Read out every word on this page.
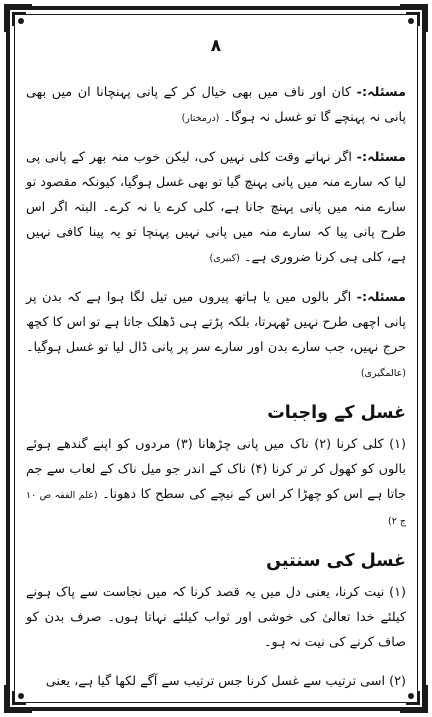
٨

مسئلہ:- کان اور ناف میں بھی خیال کر کے پانی پہنچانا ان میں بھی پانی نہ پہنچے گا تو غسل نہ ہوگا۔ (درمختار)

مسئلہ:- اگر نہاتے وقت کلی نہیں کی، لیکن خوب منہ بھر کے پانی پی لیا کہ سارے منہ میں پانی پہنچ گیا تو بھی غسل ہوگیا، کیونکہ مقصود تو سارے منہ میں پانی پہنچ جانا ہے، کلی کرے یا نہ کرے۔ البتہ اگر اس طرح پانی پیا کہ سارے منہ میں پانی نہیں پہنچا تو یہ پینا کافی نہیں ہے، کلی ہی کرنا ضروری ہے۔ (کبیری)

مسئلہ:- اگر بالوں میں یا ہاتھ پیروں میں تیل لگا ہوا ہے کہ بدن پر پانی اچھی طرح نہیں ٹھہرتا، بلکہ پڑتے ہی ڈھلک جاتا ہے تو اس کا کچھ حرج نہیں، جب سارے بدن اور سارے سر پر پانی ڈال لیا تو غسل ہوگیا۔ (عالمگیری)

غسل کے واجبات

(۱) کلی کرنا (۲) ناک میں پانی چڑھانا (۳) مردوں کو اپنے گندھے ہوئے بالوں کو کھول کر تر کرنا (۴) ناک کے اندر جو میل ناک کے لعاب سے جم جاتا ہے اس کو چھڑا کر اس کے نیچے کی سطح کا دھونا۔ (علم الفقہ ص ۱۰ ج ۲)

غسل کی سنتیں

(۱) نیت کرنا، یعنی دل میں یہ قصد کرنا کہ میں نجاست سے پاک ہونے کیلئے خدا تعالیٰ کی خوشی اور ثواب کیلئے نہاتا ہوں۔ صرف بدن کو صاف کرنے کی نیت نہ ہو۔

(۲) اسی ترتیب سے غسل کرنا جس ترتیب سے آگے لکھا گیا ہے، یعنی
